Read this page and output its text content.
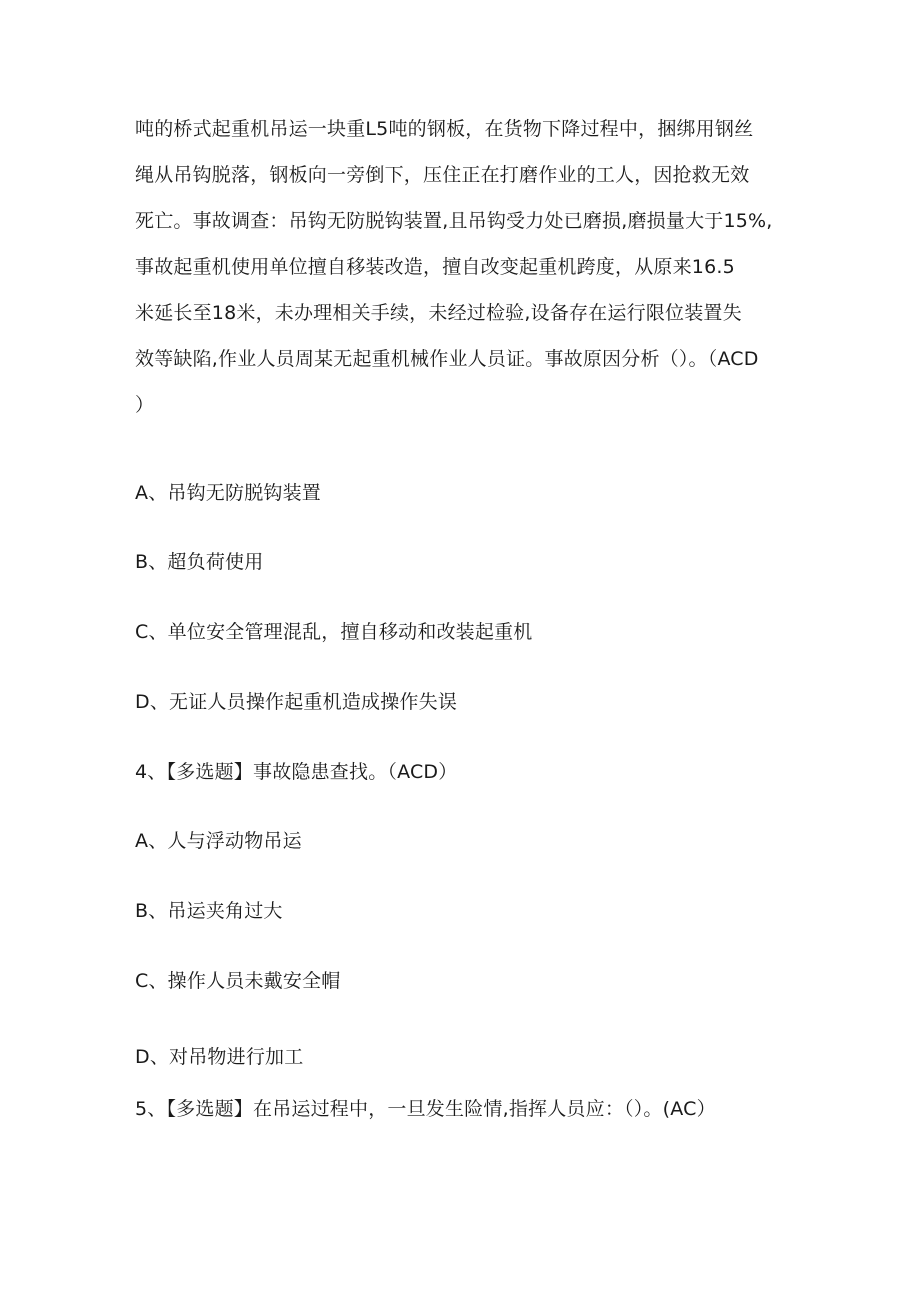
吨的桥式起重机吊运一块重L5吨的钢板，在货物下降过程中，捆绑用钢丝
绳从吊钩脱落，钢板向一旁倒下，压住正在打磨作业的工人，因抢救无效
死亡。事故调查：吊钩无防脱钩装置,且吊钩受力处已磨损,磨损量大于15%,
事故起重机使用单位擅自移装改造，擅自改变起重机跨度，从原来16.5
米延长至18米，未办理相关手续，未经过检验,设备存在运行限位装置失
效等缺陷,作业人员周某无起重机械作业人员证。事故原因分析（）。（ACD
）
A、吊钩无防脱钩装置
B、超负荷使用
C、单位安全管理混乱，擅自移动和改装起重机
D、无证人员操作起重机造成操作失误
4、【多选题】事故隐患查找。（ACD）
A、人与浮动物吊运
B、吊运夹角过大
C、操作人员未戴安全帽
D、对吊物进行加工
5、【多选题】在吊运过程中，一旦发生险情,指挥人员应：（）。(AC）
